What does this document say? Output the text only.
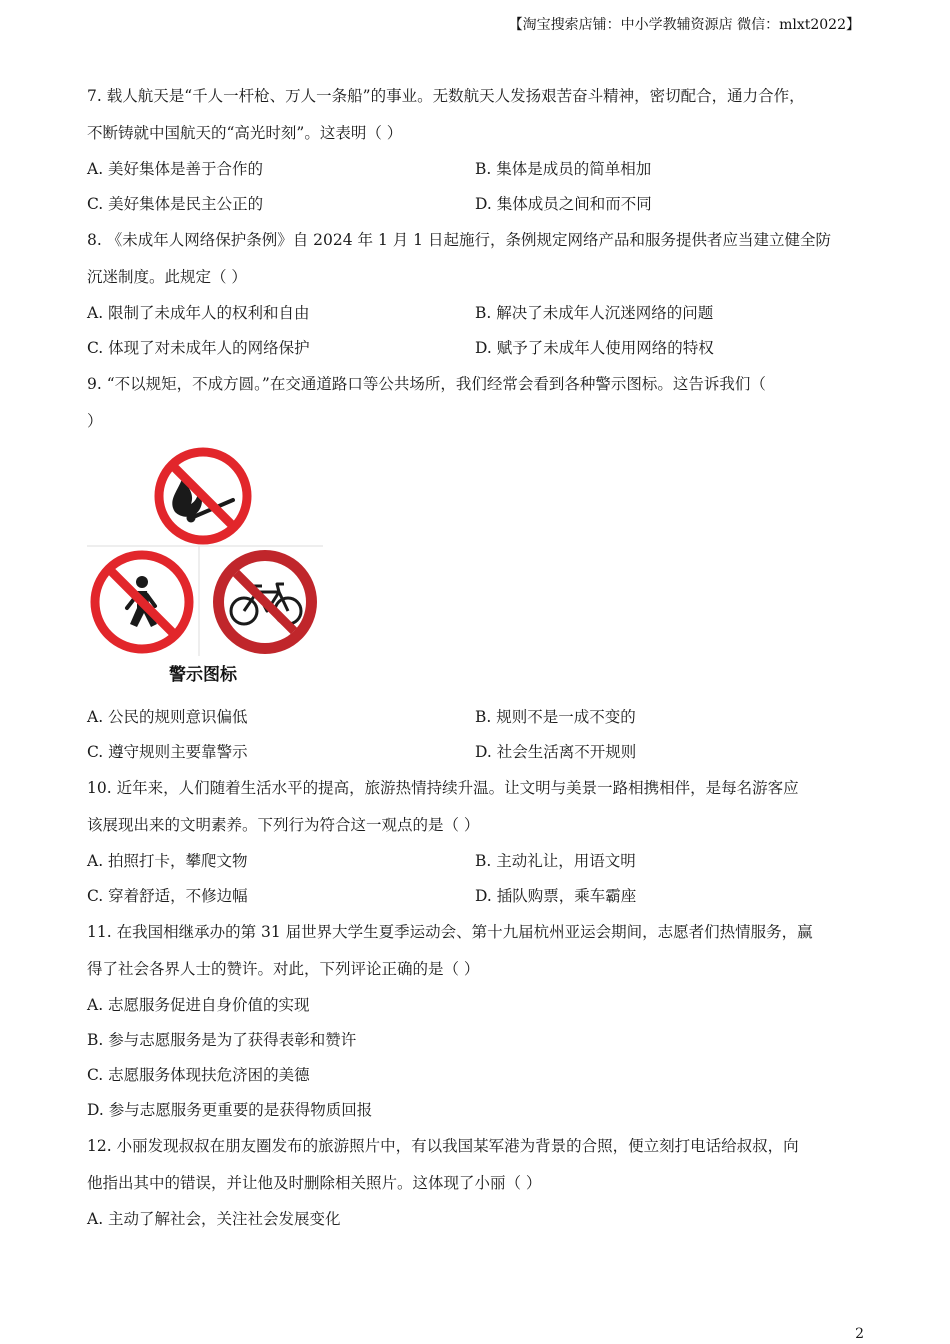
【淘宝搜索店铺：中小学教辅资源店 微信：mlxt2022】

7. 载人航天是“千人一杆枪、万人一条船”的事业。无数航天人发扬艰苦奋斗精神，密切配合，通力合作，

不断铸就中国航天的“高光时刻”。这表明（ ）

A. 美好集体是善于合作的	B. 集体是成员的简单相加
C. 美好集体是民主公正的	D. 集体成员之间和而不同

8. 《未成年人网络保护条例》自 2024 年 1 月 1 日起施行，条例规定网络产品和服务提供者应当建立健全防

沉迷制度。此规定（ ）

A. 限制了未成年人的权利和自由	B. 解决了未成年人沉迷网络的问题
C. 体现了对未成年人的网络保护	D. 赋予了未成年人使用网络的特权

9. “不以规矩，不成方圆。”在交通道路口等公共场所，我们经常会看到各种警示图标。这告诉我们（

）

警示图标
A. 公民的规则意识偏低	B. 规则不是一成不变的
C. 遵守规则主要靠警示	D. 社会生活离不开规则

10. 近年来，人们随着生活水平的提高，旅游热情持续升温。让文明与美景一路相携相伴，是每名游客应

该展现出来的文明素养。下列行为符合这一观点的是（ ）

A. 拍照打卡，攀爬文物	B. 主动礼让，用语文明
C. 穿着舒适，不修边幅	D. 插队购票，乘车霸座

11. 在我国相继承办的第 31 届世界大学生夏季运动会、第十九届杭州亚运会期间，志愿者们热情服务，赢

得了社会各界人士的赞许。对此，下列评论正确的是（ ）

A. 志愿服务促进自身价值的实现
B. 参与志愿服务是为了获得表彰和赞许
C. 志愿服务体现扶危济困的美德
D. 参与志愿服务更重要的是获得物质回报

12. 小丽发现叔叔在朋友圈发布的旅游照片中，有以我国某军港为背景的合照，便立刻打电话给叔叔，向

他指出其中的错误，并让他及时删除相关照片。这体现了小丽（ ）

A. 主动了解社会，关注社会发展变化
2
